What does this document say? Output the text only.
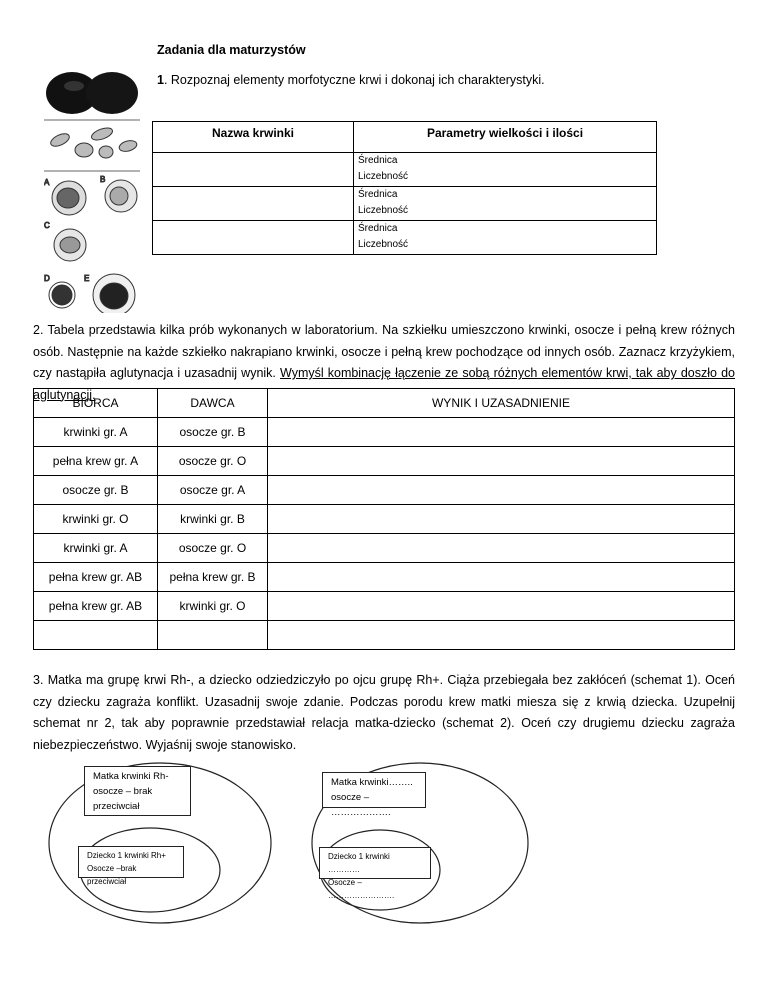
Zadania dla maturzystów
1. Rozpoznaj elementy morfotyczne krwi i dokonaj ich charakterystyki.
A	B
C
D	E
Nazwa krwinki	Parametry wielkości i ilości

	Średnica
Liczebność

	Średnica
Liczebność

	Średnica
Liczebność
2. Tabela przedstawia kilka prób wykonanych w laboratorium. Na szkiełku umieszczono krwinki, osocze i pełną krew różnych osób. Następnie na każde szkiełko nakrapiano krwinki, osocze i pełną krew pochodzące od innych osób. Zaznacz krzyżykiem, czy nastąpiła aglutynacja i uzasadnij wynik. Wymyśl kombinację łączenie ze sobą różnych elementów krwi, tak aby doszło do aglutynacji.
BIORCA	DAWCA	WYNIK I UZASADNIENIE
krwinki gr. A	osocze gr. B	
pełna krew gr. A	osocze gr. O	
osocze gr. B	osocze gr. A	
krwinki gr. O	krwinki gr. B	
krwinki gr. A	osocze gr. O	
pełna krew gr. AB	pełna krew gr. B	
pełna krew gr. AB	krwinki gr. O	

3. Matka ma grupę krwi Rh-, a dziecko odziedziczyło po ojcu grupę Rh+. Ciąża przebiegała bez zakłóceń (schemat 1). Oceń czy dziecku zagraża konflikt. Uzasadnij swoje zdanie. Podczas porodu krew matki miesza się z krwią dziecka. Uzupełnij schemat nr 2, tak aby poprawnie przedstawiał relacja matka-dziecko (schemat 2). Oceń czy drugiemu dziecku zagraża niebezpieczeństwo. Wyjaśnij swoje stanowisko.
Matka krwinki Rh-
osocze – brak
przeciwciał
Dziecko 1 krwinki Rh+
Osocze –brak przeciwciał
Matka krwinki……..
osocze – ……………….
Dziecko 1 krwinki …………
Osocze – …………………….
